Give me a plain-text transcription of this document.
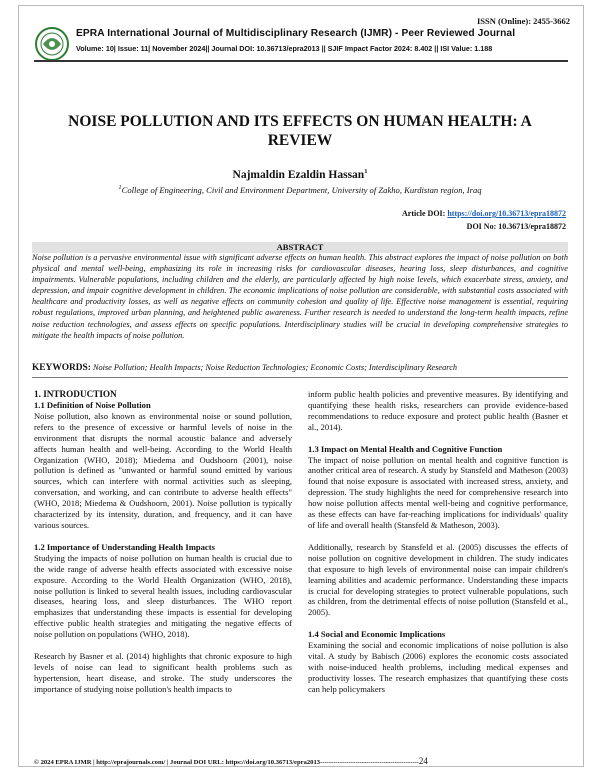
ISSN (Online): 2455-3662
EPRA International Journal of Multidisciplinary Research (IJMR) - Peer Reviewed Journal
Volume: 10| Issue: 11| November 2024|| Journal DOI: 10.36713/epra2013 || SJIF Impact Factor 2024: 8.402 || ISI Value: 1.188
NOISE POLLUTION AND ITS EFFECTS ON HUMAN HEALTH: A REVIEW
Najmaldin Ezaldin Hassan$^1$
$^1$College of Engineering, Civil and Environment Department, University of Zakho, Kurdistan region, Iraq
Article DOI: https://doi.org/10.36713/epra18872
DOI No: 10.36713/epra18872
ABSTRACT
Noise pollution is a pervasive environmental issue with significant adverse effects on human health. This abstract explores the impact of noise pollution on both physical and mental well-being, emphasizing its role in increasing risks for cardiovascular diseases, hearing loss, sleep disturbances, and cognitive impairments. Vulnerable populations, including children and the elderly, are particularly affected by high noise levels, which exacerbate stress, anxiety, and depression, and impair cognitive development in children. The economic implications of noise pollution are considerable, with substantial costs associated with healthcare and productivity losses, as well as negative effects on community cohesion and quality of life. Effective noise management is essential, requiring robust regulations, improved urban planning, and heightened public awareness. Further research is needed to understand the long-term health impacts, refine noise reduction technologies, and assess effects on specific populations. Interdisciplinary studies will be crucial in developing comprehensive strategies to mitigate the health impacts of noise pollution.
KEYWORDS: Noise Pollution; Health Impacts; Noise Reduction Technologies; Economic Costs; Interdisciplinary Research
1. INTRODUCTION
1.1 Definition of Noise Pollution
Noise pollution, also known as environmental noise or sound pollution, refers to the presence of excessive or harmful levels of noise in the environment that disrupts the normal acoustic balance and adversely affects human health and well-being. According to the World Health Organization (WHO, 2018); Miedema and Oudshoorn (2001), noise pollution is defined as "unwanted or harmful sound emitted by various sources, which can interfere with normal activities such as sleeping, conversation, and working, and can contribute to adverse health effects" (WHO, 2018; Miedema & Oudshoorn, 2001). Noise pollution is typically characterized by its intensity, duration, and frequency, and it can have various sources.
1.2 Importance of Understanding Health Impacts
Studying the impacts of noise pollution on human health is crucial due to the wide range of adverse health effects associated with excessive noise exposure. According to the World Health Organization (WHO, 2018), noise pollution is linked to several health issues, including cardiovascular diseases, hearing loss, and sleep disturbances. The WHO report emphasizes that understanding these impacts is essential for developing effective public health strategies and mitigating the negative effects of noise pollution on populations (WHO, 2018).
Research by Basner et al. (2014) highlights that chronic exposure to high levels of noise can lead to significant health problems such as hypertension, heart disease, and stroke. The study underscores the importance of studying noise pollution's health impacts to
inform public health policies and preventive measures. By identifying and quantifying these health risks, researchers can provide evidence-based recommendations to reduce exposure and protect public health (Basner et al., 2014).
1.3 Impact on Mental Health and Cognitive Function
The impact of noise pollution on mental health and cognitive function is another critical area of research. A study by Stansfeld and Matheson (2003) found that noise exposure is associated with increased stress, anxiety, and depression. The study highlights the need for comprehensive research into how noise pollution affects mental well-being and cognitive performance, as these effects can have far-reaching implications for individuals' quality of life and overall health (Stansfeld & Matheson, 2003).
Additionally, research by Stansfeld et al. (2005) discusses the effects of noise pollution on cognitive development in children. The study indicates that exposure to high levels of environmental noise can impair children's learning abilities and academic performance. Understanding these impacts is crucial for developing strategies to protect vulnerable populations, such as children, from the detrimental effects of noise pollution (Stansfeld et al., 2005).
1.4 Social and Economic Implications
Examining the social and economic implications of noise pollution is also vital. A study by Babisch (2006) explores the economic costs associated with noise-induced health problems, including medical expenses and productivity losses. The research emphasizes that quantifying these costs can help policymakers
© 2024 EPRA IJMR | http://eprajournals.com/ | Journal DOI URL: https://doi.org/10.36713/epra2013---------------------------------------------24
